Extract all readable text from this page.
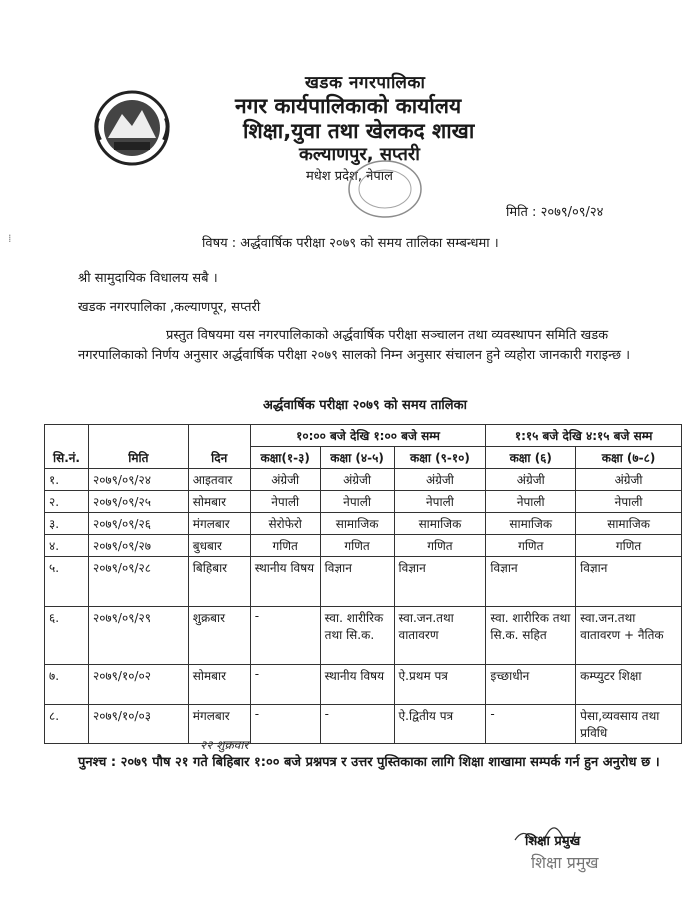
खडक नगरपालिका
नगर कार्यपालिकाको कार्यालय
शिक्षा,युवा तथा खेलकद शाखा
कल्याणपुर, सप्तरी
मधेश प्रदेश, नेपाल
⁞
मिति : २०७९/०९/२४
विषय : अर्द्धवार्षिक परीक्षा २०७९ को समय तालिका सम्बन्धमा ।
श्री सामुदायिक विधालय सबै ।
खडक नगरपालिका ,कल्याणपूर, सप्तरी
प्रस्तुत विषयमा यस नगरपालिकाको अर्द्धवार्षिक परीक्षा सञ्चालन तथा व्यवस्थापन समिति खडक नगरपालिकाको निर्णय अनुसार अर्द्धवार्षिक परीक्षा २०७९ सालको निम्न अनुसार संचालन हुने व्यहोरा जानकारी गराइन्छ ।
अर्द्धवार्षिक परीक्षा २०७९ को समय तालिका
सि.नं.	मिति	दिन	१०:०० बजे देखि १:०० बजे सम्म			१:१५ बजे देखि ४:१५ बजे सम्म	
			कक्षा(१-३)	कक्षा (४-५)	कक्षा (९-१०)	कक्षा (६)	कक्षा (७-८)
१.	२०७९/०९/२४	आइतवार	अंग्रेजी	अंग्रेजी	अंग्रेजी	अंग्रेजी	अंग्रेजी
२.	२०७९/०९/२५	सोमबार	नेपाली	नेपाली	नेपाली	नेपाली	नेपाली
३.	२०७९/०९/२६	मंगलबार	सेरोफेरो	सामाजिक	सामाजिक	सामाजिक	सामाजिक
४.	२०७९/०९/२७	बुधबार	गणित	गणित	गणित	गणित	गणित
५.	२०७९/०९/२८	बिहिबार	स्थानीय विषय	विज्ञान	विज्ञान	विज्ञान	विज्ञान
६.	२०७९/०९/२९	शुक्रबार	-	स्वा. शारीरिक तथा सि.क.	स्वा.जन.तथा वातावरण	स्वा. शारीरिक तथा सि.क. सहित	स्वा.जन.तथा वातावरण + नैतिक
७.	२०७९/१०/०२	सोमबार	-	स्थानीय विषय	ऐ.प्रथम पत्र	इच्छाधीन	कम्प्युटर शिक्षा
८.	२०७९/१०/०३	मंगलबार	-	-	ऐ.द्वितीय पत्र	-	पेसा,व्यवसाय तथा प्रविधि
२२ शुक्रवार
पुनश्च : २०७९ पौष २१ गते बिहिबार १:०० बजे प्रश्नपत्र र उत्तर पुस्तिकाका लागि शिक्षा शाखामा सम्पर्क गर्न हुन अनुरोध छ ।
शिक्षा प्रमुख
शिक्षा प्रमुख
